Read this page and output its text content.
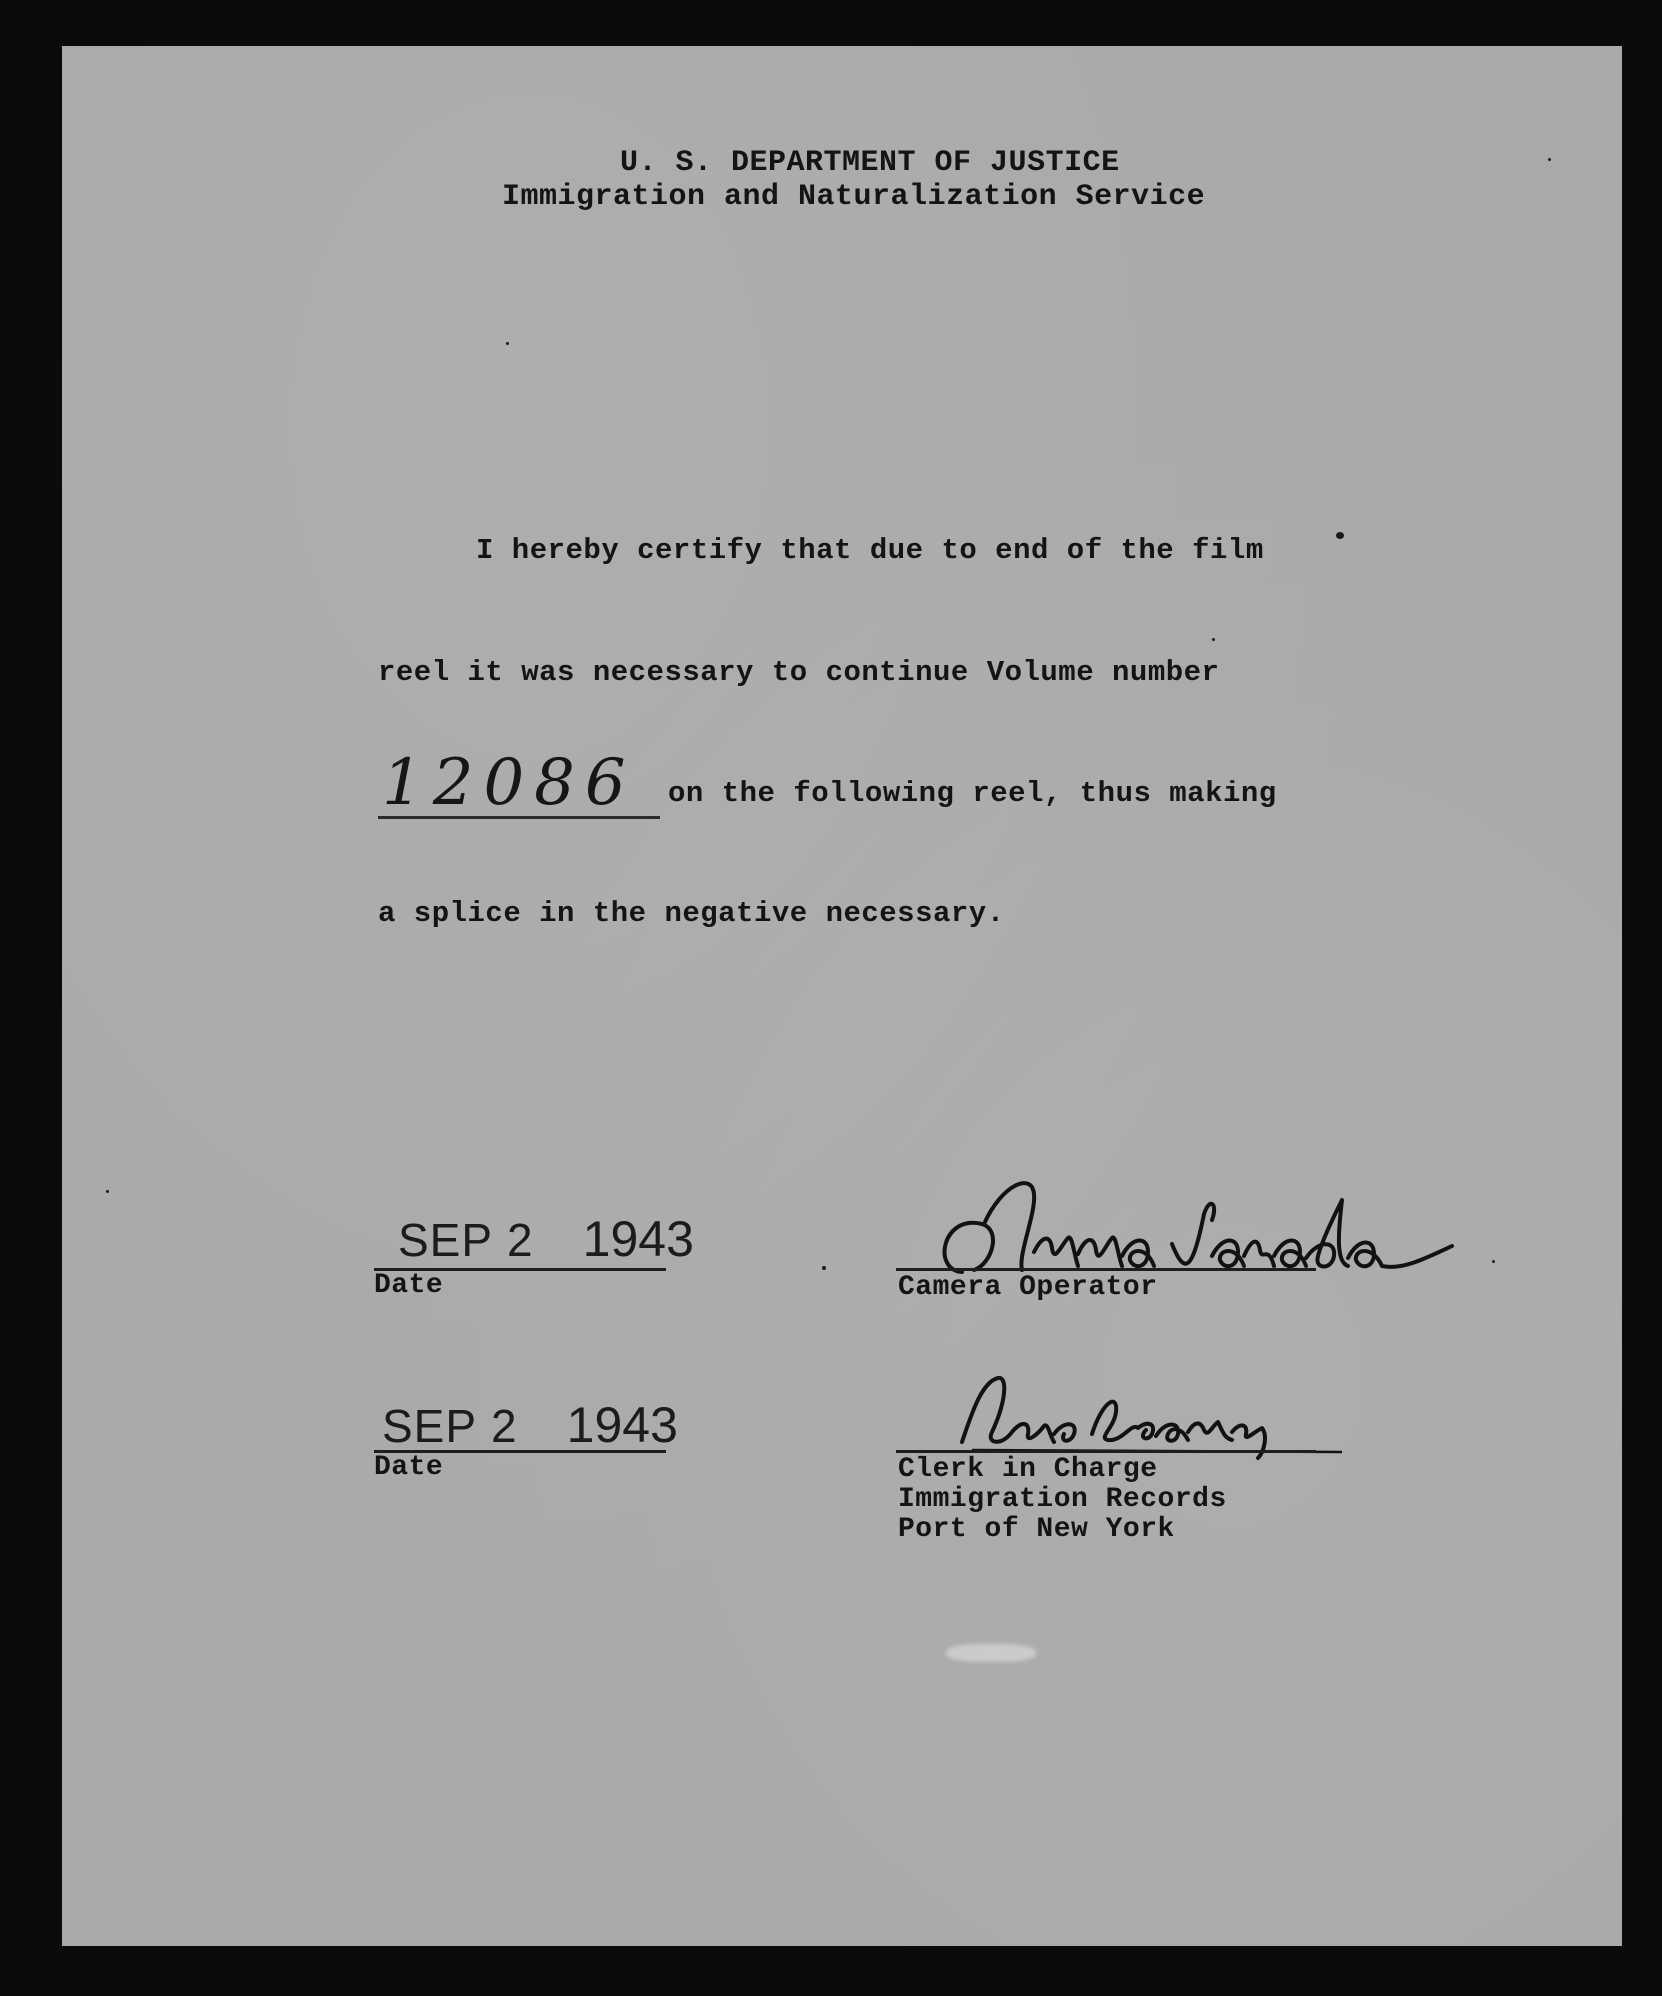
U. S. DEPARTMENT OF JUSTICE
Immigration and Naturalization Service
I hereby certify that due to end of the film
reel it was necessary to continue Volume number
12086 on the following reel, thus making
a splice in the negative necessary.
SEP 2 1943
Date	Camera Operator
SEP 2 1943
Date	Clerk in Charge
Immigration Records
Port of New York
